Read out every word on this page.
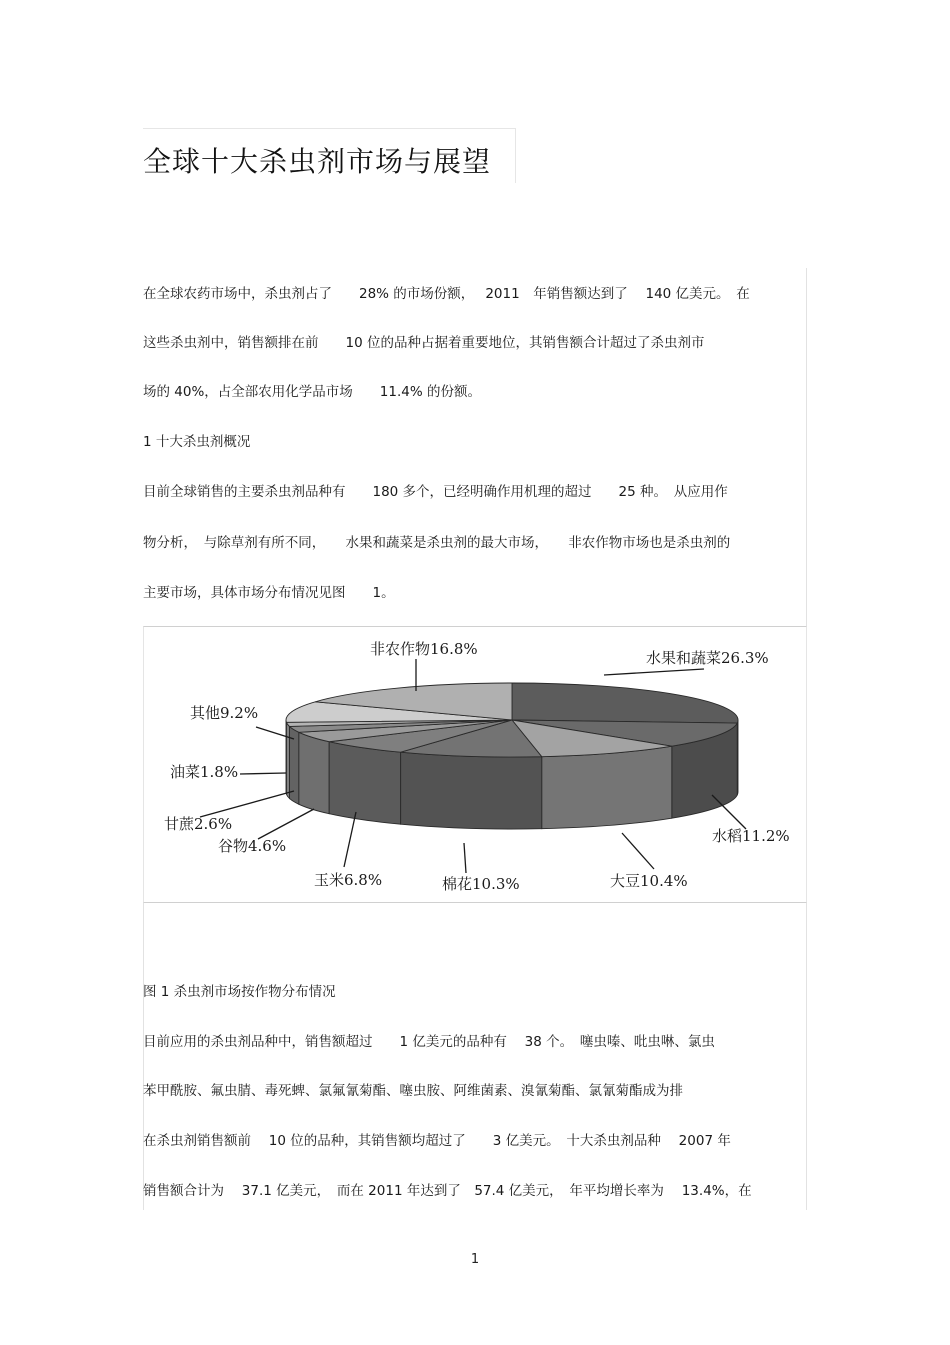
全球十大杀虫剂市场与展望
在全球农药市场中，杀虫剂占了　　28% 的市场份额，　 2011　年销售额达到了　 140 亿美元。　在
这些杀虫剂中，销售额排在前　　10 位的品种占据着重要地位，其销售额合计超过了杀虫剂市
场的 40%，占全部农用化学品市场　　11.4% 的份额。
1 十大杀虫剂概况
目前全球销售的主要杀虫剂品种有　　180 多个，已经明确作用机理的超过　　25 种。　从应用作
物分析，　与除草剂有所不同，　　水果和蔬菜是杀虫剂的最大市场，　　非农作物市场也是杀虫剂的
主要市场，具体市场分布情况见图　　1。
水果和蔬菜26.3%
水稻11.2%
大豆10.4%
棉花10.3%
玉米6.8%
谷物4.6%
甘蔗2.6%
油菜1.8%
其他9.2%
非农作物16.8%
图 1 杀虫剂市场按作物分布情况
目前应用的杀虫剂品种中，销售额超过　　1 亿美元的品种有　 38 个。　噻虫嗪、吡虫啉、氯虫
苯甲酰胺、氟虫腈、毒死蜱、氯氟氰菊酯、噻虫胺、阿维菌素、溴氰菊酯、氯氰菊酯成为排
在杀虫剂销售额前　 10 位的品种，其销售额均超过了　　3 亿美元。　十大杀虫剂品种　 2007 年
销售额合计为　 37.1 亿美元，　而在 2011 年达到了　57.4 亿美元，　年平均增长率为　 13.4%，在
1
